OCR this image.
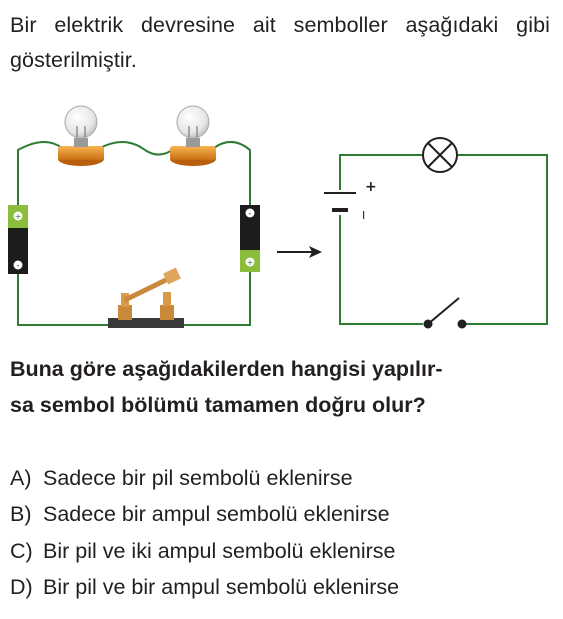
Bir elektrik devresine ait semboller aşağıdaki gibi gösterilmiştir.
+
-
-
+
+
I
Buna göre aşağıdakilerden hangisi yapılır-
sa sembol bölümü tamamen doğru olur?
A) Sadece bir pil sembolü eklenirse
B) Sadece bir ampul sembolü eklenirse
C) Bir pil ve iki ampul sembolü eklenirse
D) Bir pil ve bir ampul sembolü eklenirse
